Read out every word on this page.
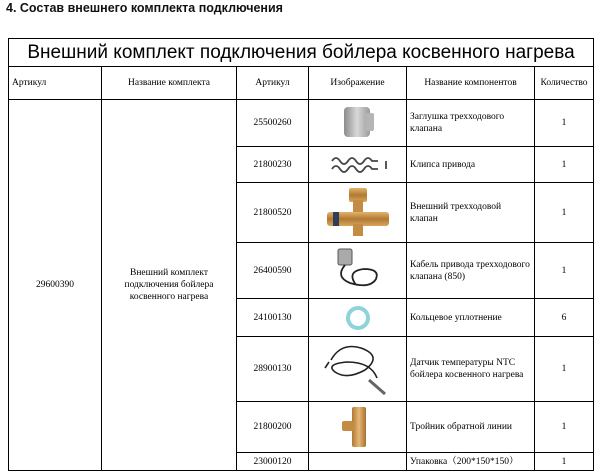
4. Состав внешнего комплекта подключения
Внешний комплект подключения бойлера косвенного нагрева					
Артикул	Название комплекта	Артикул	Изображение	Название компонентов	Количество
29600390	Внешний комплект подключения бойлера косвенного нагрева	25500260		Заглушка трехходового клапана	1
		21800230		Клипса привода	1
		21800520		Внешний трехходовой клапан	1
		26400590		Кабель привода трехходового клапана (850)	1
		24100130		Кольцевое уплотнение	6
		28900130		Датчик температуры NTC бойлера косвенного нагрева	1
		21800200		Тройник обратной линии	1
		23000120		Упаковка（200*150*150）	1
